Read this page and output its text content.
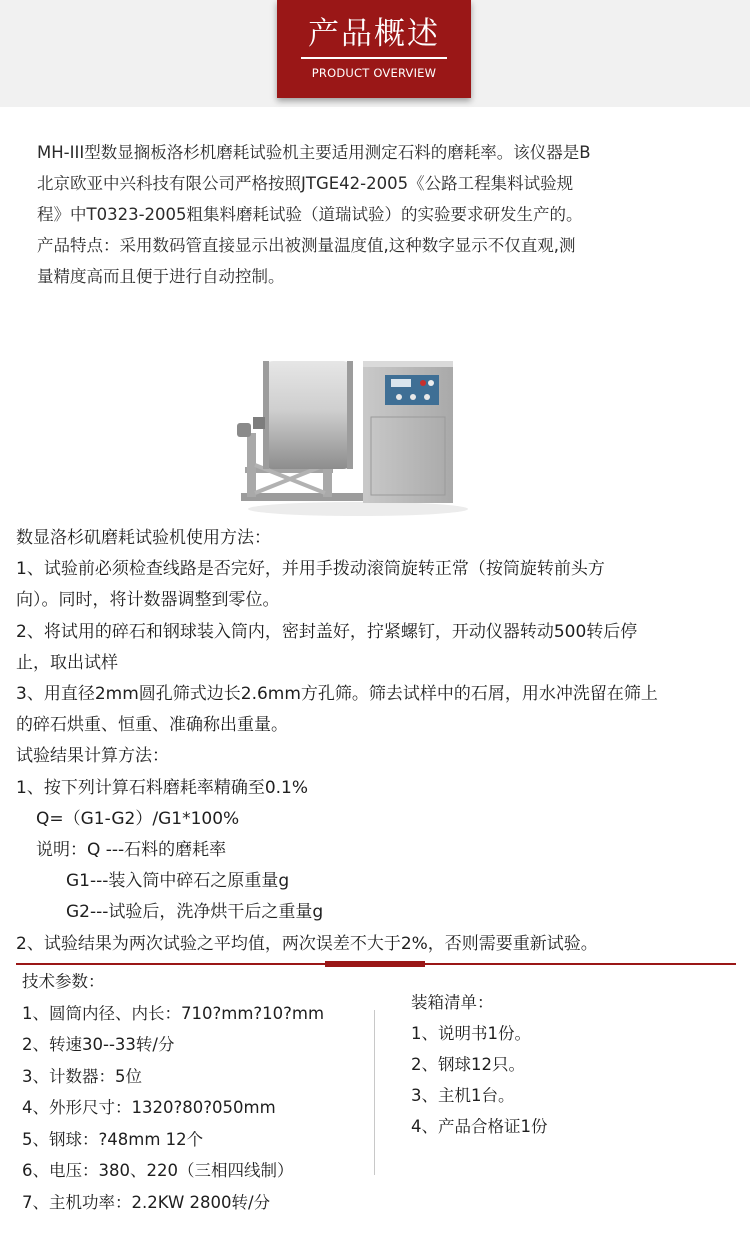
产品概述
PRODUCT OVERVIEW

MH-III型数显搁板洛杉机磨耗试验机主要适用测定石料的磨耗率。该仪器是B

北京欧亚中兴科技有限公司严格按照JTGE42-2005《公路工程集料试验规

程》中T0323-2005粗集料磨耗试验（道瑞试验）的实验要求研发生产的。

产品特点：采用数码管直接显示出被测量温度值,这种数字显示不仅直观,测

量精度高而且便于进行自动控制。

数显洛杉矶磨耗试验机使用方法：

1、试验前必须检查线路是否完好，并用手拨动滚筒旋转正常（按筒旋转前头方

向）。同时，将计数器调整到零位。

2、将试用的碎石和钢球装入筒内，密封盖好，拧紧螺钉，开动仪器转动500转后停

止，取出试样

3、用直径2mm圆孔筛式边长2.6mm方孔筛。筛去试样中的石屑，用水冲洗留在筛上

的碎石烘重、恒重、准确称出重量。

试验结果计算方法：

1、按下列计算石料磨耗率精确至0.1%

Q=（G1-G2）/G1*100%

说明：Q ---石料的磨耗率

G1---装入筒中碎石之原重量g

G2---试验后，洗净烘干后之重量g

2、试验结果为两次试验之平均值，两次误差不大于2%，否则需要重新试验。

技术参数：

1、圆筒内径、内长：710?mm?10?mm

2、转速30--33转/分

3、计数器：5位

4、外形尺寸：1320?80?050mm

5、钢球：?48mm 12个

6、电压：380、220（三相四线制）

7、主机功率：2.2KW 2800转/分

装箱清单：

1、说明书1份。

2、钢球12只。

3、主机1台。

4、产品合格证1份
